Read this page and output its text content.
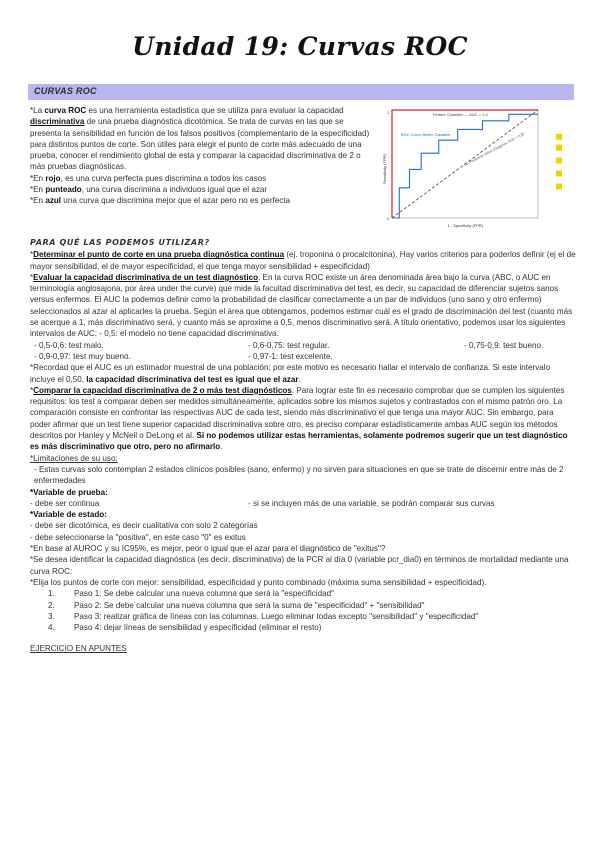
Unidad 19: Curvas ROC
CURVAS ROC
*La curva ROC es una herramienta estadística que se utiliza para evaluar la capacidad discriminativa de una prueba diagnóstica dicotómica. Se trata de curvas en las que se presenta la sensibilidad en función de los falsos positivos (complementario de la especificidad) para distintos puntos de corte. Son útiles para elegir el punto de corte más adecuado de una prueba, conocer el rendimiento global de esta y comparar la capacidad discriminativa de 2 o más pruebas diagnósticas.
*En rojo, es una curva perfecta pues discrimina a todos los casos
*En punteado, una curva discrimina a individuos igual que el azar
*En azul una curva que discrimina mejor que el azar pero no es perfecta
Perfect Classifier — AUC = 1.0
ROC Curve Better Classifier	No Predictive Value (Diagonal, AUC = 0.5)
Sensitivity (TPR)
1 - Specificity (FPR)
0
1
PARA QUÉ LAS PODEMOS UTILIZAR?
*Determinar el punto de corte en una prueba diagnóstica continua (ej. troponina o procalcitonina). Hay varios criterios para poderlos definir (ej el de mayor sensibilidad, el de mayor especificidad, el que tenga mayor sensibilidad + especificidad)
*Evaluar la capacidad discriminativa de un test diagnóstico. En la curva ROC existe un área denominada área bajo la curva (ABC, o AUC en terminología anglosajona, por área under the curve) que mide la facultad discriminativa del test, es decir, su capacidad de diferenciar sujetos sanos versus enfermos. El AUC la podemos definir como la probabilidad de clasificar correctamente a un par de individuos (uno sano y otro enfermo) seleccionados al azar al aplicarles la prueba. Según el área que obtengamos, podemos estimar cuál es el grado de discriminación del test (cuanto más se acerque a 1, más discriminativo será, y cuanto más se aproxime a 0,5, menos discriminativo será. A título orientativo, podemos usar los siguientes intervalos de AUC: - 0,5: el modelo no tiene capacidad discriminativa.
- 0,5-0,6: test malo.	- 0,6-0,75: test regular.	- 0,75-0,9: test bueno.
- 0,9-0,97: test muy bueno.	- 0,97-1: test excelente.
*Recordad que el AUC es un estimador muestral de una población; por este motivo es necesario hallar el intervalo de confianza. Si este intervalo incluye el 0,50, la capacidad discriminativa del test es igual que el azar.
*Comparar la capacidad discriminativa de 2 o más test diagnósticos. Para lograr este fin es necesario comprobar que se cumplen los siguientes requisitos: los test a comparar deben ser medidos simultáneamente, aplicados sobre los mismos sujetos y contrastados con el mismo patrón oro. La comparación consiste en confrontar las respectivas AUC de cada test, siendo más discriminativo el que tenga una mayor AUC. Sin embargo, para poder afirmar que un test tiene superior capacidad discriminativa sobre otro, es preciso comparar estadísticamente ambas AUC según los métodos descritos por Hanley y McNeil o DeLong et al. Si no podemos utilizar estas herramientas, solamente podremos sugerir que un test diagnóstico es más discriminativo que otro, pero no afirmarlo.
*Limitaciones de su uso:
- Estas curvas solo contemplan 2 estados clínicos posibles (sano, enfermo) y no sirven para situaciones en que se trate de discernir entre más de 2 enfermedades
*Variable de prueba:
- debe ser continua	- si se incluyen más de una variable, se podrán comparar sus curvas
*Variable de estado:
- debe ser dicotómica, es decir cualitativa con solo 2 categorías
- debe seleccionarse la "positiva", en este caso "0" es exitus
*En base al AUROC y su IC95%, es mejor, peor o igual que el azar para el diagnóstico de "exitus"?
*Se desea identificar la capacidad diagnóstica (es decir, discriminativa) de la PCR al día 0 (variable pcr_dia0) en términos de mortalidad mediante una curva ROC:
*Elija los puntos de corte con mejor: sensibilidad, especificidad y punto combinado (máxima suma sensibilidad + especificidad).
1. Paso 1: Se debe calcular una nueva columna que será la "especificidad"
2. Paso 2: Se debe calcular una nueva columna que será la suma de "especificidad" + "sensibilidad"
3. Paso 3: realizar gráfica de líneas con las columnas. Luego eliminar todas excepto "sensibilidad" y "especificidad"
4. Paso 4: dejar líneas de sensibilidad y especificidad (eliminar el resto)
EJERCICIO EN APUNTES
